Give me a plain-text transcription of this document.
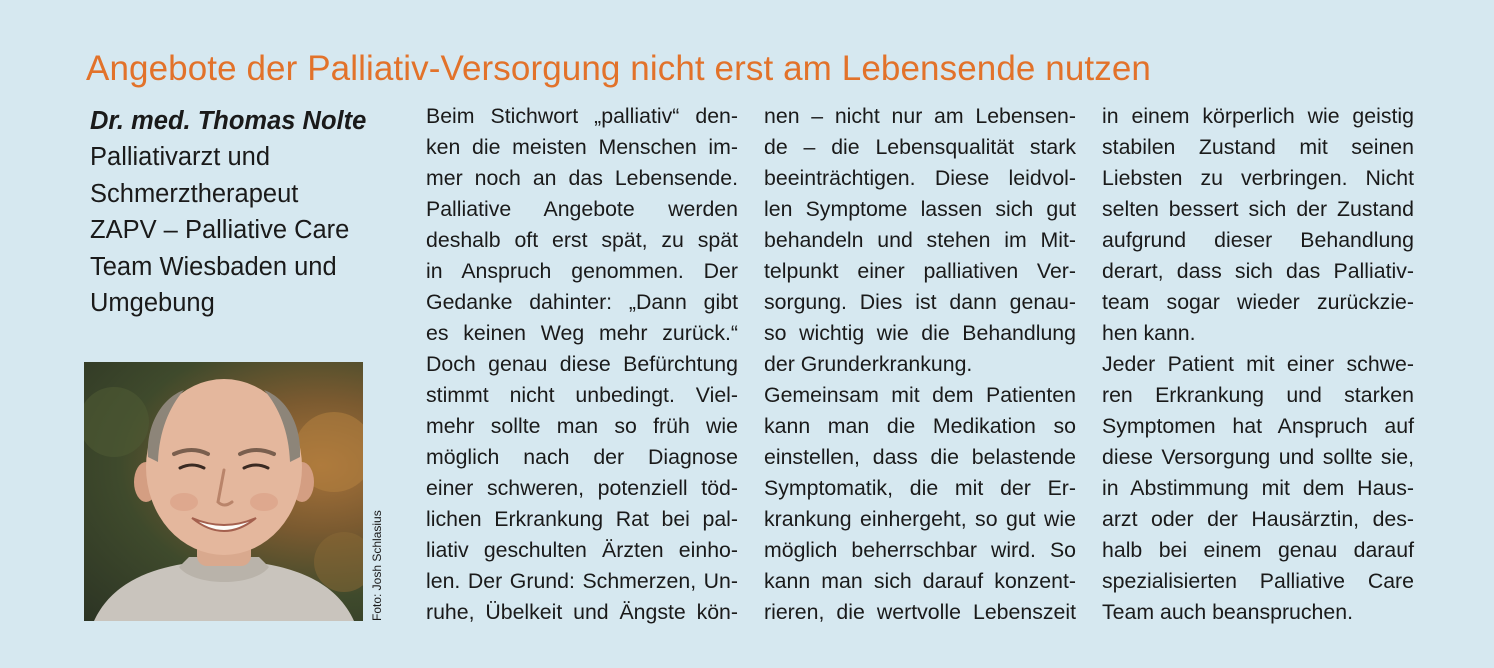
Angebote der Palliativ-Versorgung nicht erst am Lebensende nutzen
Dr. med. Thomas Nolte
Palliativarzt und
Schmerztherapeut
ZAPV – Palliative Care
Team Wiesbaden und
Umgebung
Foto: Josh Schlasius
Beim Stichwort „palliativ“ den-
ken die meisten Menschen im-
mer noch an das Lebensende.
Palliative Angebote werden
deshalb oft erst spät, zu spät
in Anspruch genommen. Der
Gedanke dahinter: „Dann gibt
es keinen Weg mehr zurück.“
Doch genau diese Befürchtung
stimmt nicht unbedingt. Viel-
mehr sollte man so früh wie
möglich nach der Diagnose
einer schweren, potenziell töd-
lichen Erkrankung Rat bei pal-
liativ geschulten Ärzten einho-
len. Der Grund: Schmerzen, Un-
ruhe, Übelkeit und Ängste kön-
nen – nicht nur am Lebensen-
de – die Lebensqualität stark
beeinträchtigen. Diese leidvol-
len Symptome lassen sich gut
behandeln und stehen im Mit-
telpunkt einer palliativen Ver-
sorgung. Dies ist dann genau-
so wichtig wie die Behandlung
der Grunderkrankung.
Gemeinsam mit dem Patienten
kann man die Medikation so
einstellen, dass die belastende
Symptomatik, die mit der Er-
krankung einhergeht, so gut wie
möglich beherrschbar wird. So
kann man sich darauf konzent-
rieren, die wertvolle Lebenszeit
in einem körperlich wie geistig
stabilen Zustand mit seinen
Liebsten zu verbringen. Nicht
selten bessert sich der Zustand
aufgrund dieser Behandlung
derart, dass sich das Palliativ-
team sogar wieder zurückzie-
hen kann.
Jeder Patient mit einer schwe-
ren Erkrankung und starken
Symptomen hat Anspruch auf
diese Versorgung und sollte sie,
in Abstimmung mit dem Haus-
arzt oder der Hausärztin, des-
halb bei einem genau darauf
spezialisierten Palliative Care
Team auch beanspruchen.
